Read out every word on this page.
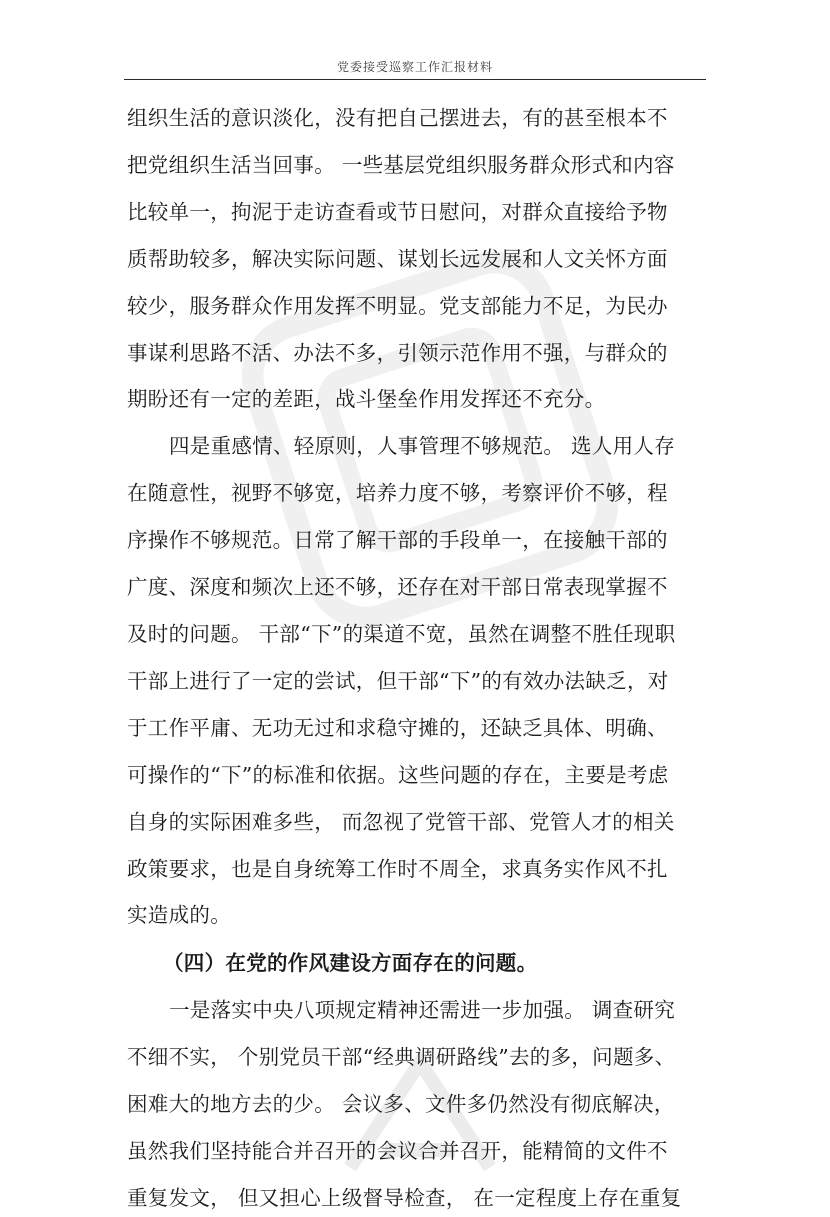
党委接受巡察工作汇报材料
组织生活的意识淡化，没有把自己摆进去，有的甚至根本不
把党组织生活当回事。 一些基层党组织服务群众形式和内容
比较单一，拘泥于走访查看或节日慰问，对群众直接给予物
质帮助较多，解决实际问题、谋划长远发展和人文关怀方面
较少，服务群众作用发挥不明显。党支部能力不足，为民办
事谋利思路不活、办法不多，引领示范作用不强，与群众的
期盼还有一定的差距，战斗堡垒作用发挥还不充分。
四是重感情、轻原则，人事管理不够规范。 选人用人存
在随意性，视野不够宽，培养力度不够，考察评价不够，程
序操作不够规范。日常了解干部的手段单一，在接触干部的
广度、深度和频次上还不够，还存在对干部日常表现掌握不
及时的问题。 干部“下”的渠道不宽，虽然在调整不胜任现职
干部上进行了一定的尝试，但干部“下”的有效办法缺乏，对
于工作平庸、无功无过和求稳守摊的，还缺乏具体、明确、
可操作的“下”的标准和依据。这些问题的存在，主要是考虑
自身的实际困难多些， 而忽视了党管干部、党管人才的相关
政策要求，也是自身统筹工作时不周全，求真务实作风不扎
实造成的。
（四）在党的作风建设方面存在的问题。
一是落实中央八项规定精神还需进一步加强。 调查研究
不细不实， 个别党员干部“经典调研路线”去的多，问题多、
困难大的地方去的少。 会议多、文件多仍然没有彻底解决，
虽然我们坚持能合并召开的会议合并召开，能精简的文件不
重复发文， 但又担心上级督导检查， 在一定程度上存在重复
